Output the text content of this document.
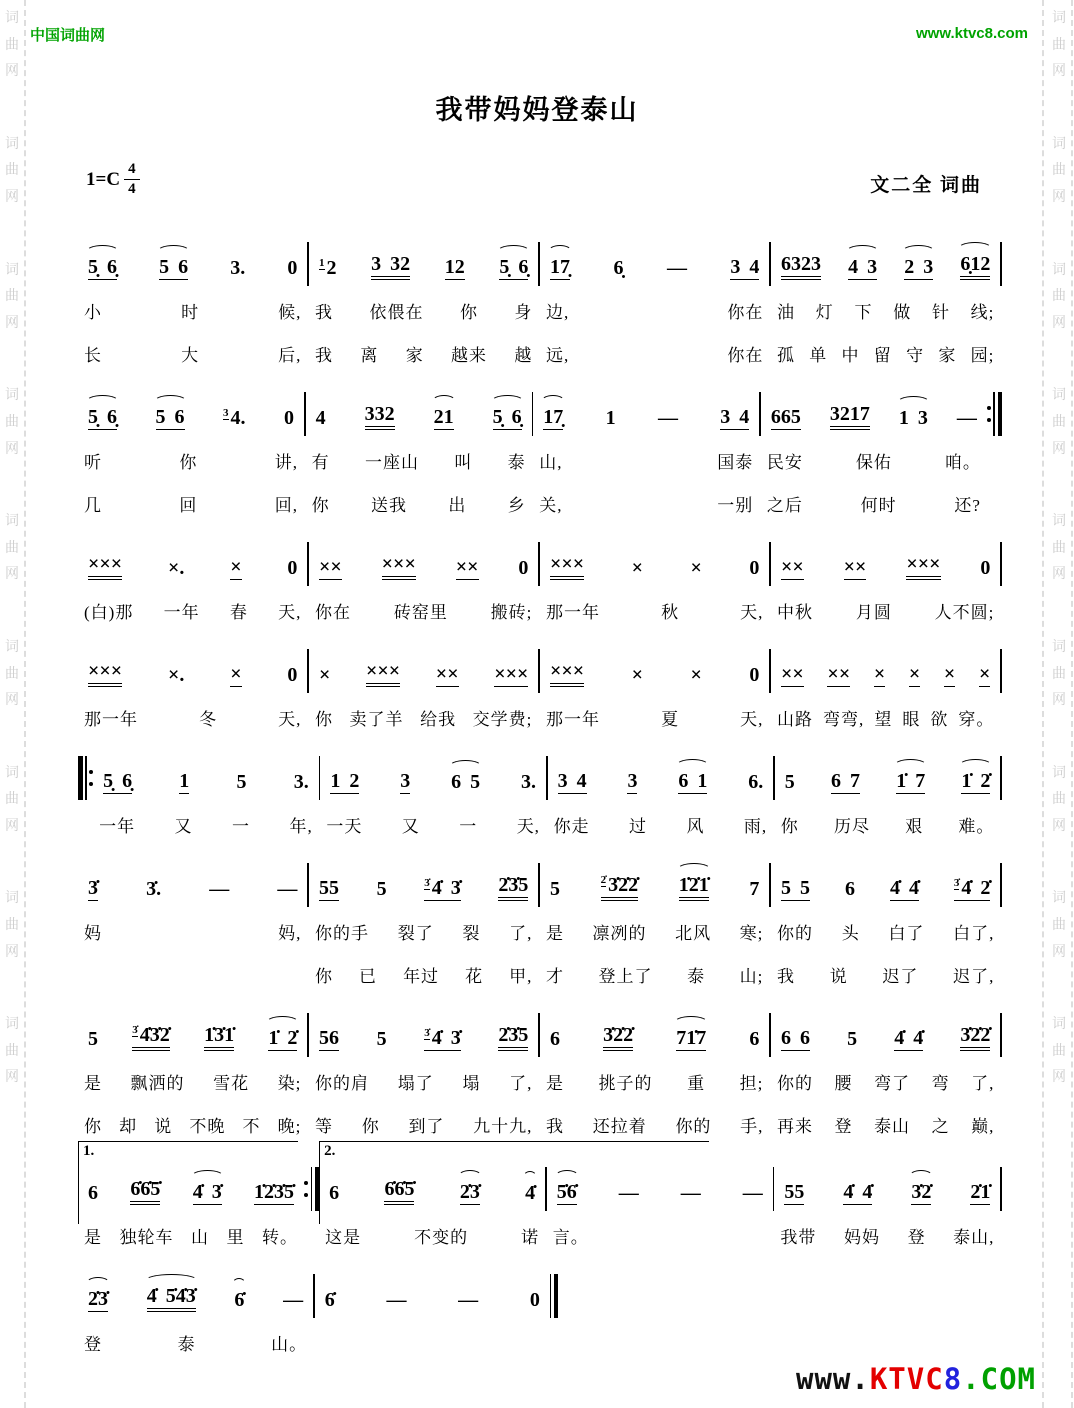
词
曲
网
词
曲
网
词
曲
网
词
曲
网
词
曲
网
词
曲
网
词
曲
网
词
曲
网
词
曲
网
词
曲
网
词
曲
网
词
曲
网
词
曲
网
词
曲
网
词
曲
网
词
曲
网
词
曲
网
词
曲
网
中国词曲网	www.ktvc8.com
我带妈妈登泰山
$1=C \frac{4}{4}$	文二全 词曲
5̣ 6̣ 5 6 3. 0
小	时	候,
长	大	后,
$^1$ 2 3 32 12 5̣ 6̣
我 依偎在 你 身
我 离 家 越来 越
17̣ 6̣ — 3 4
边,	你在
远,	你在
6323 4 3 2 3 6̣12
油 灯 下 做 针 线;
孤 单 中 留 守 家 园;
5̣ 6̣ 5 6	$^3$ 4. 0
听	你	讲,
几	回	回,
4 332 21 5̣ 6̣
有 一座山 叫 泰
你 送我 出 乡
17̣ 1 — 3 4
山,	国泰
关,	一别
665 3217 1 3 —
民安	保佑	咱。
之后	何时	还?
××× ×. × 0
(白)那 一年 春 天,
×× ××× ×× 0
你在	砖窑里	搬砖;
××× × × 0
那一年	秋	天,
×× ×× ××× 0
中秋	月圆	人不圆;
××× ×. × 0
那一年	冬	天,
× ××× ×× ×××
你 卖了羊 给我 交学费;
××× × × 0
那一年	夏	天,
×× ×× × × × ×
山路 弯弯, 望 眼 欲 穿。
5̣ 6̣ 1 5 3.
一年 又 一 年,
1 2 3 6 5 3.
一天 又 一 天,
3 4 3 6 1 6.
你走 过 风 雨,
5 6 7 1̇ 7 1̇ 2̇
你 历尽 艰 难。
3̇ 3̇. — —
妈	妈,
55 5	$^{3̇}$ 4̇ 3̇ 2̇3̇5
你的手 裂了 裂 了,
你 已 年过 花 甲,
5	$^{2̇}$ 3̇2̇2̇ 1̇2̇1̇ 7
是 凛冽的 北风 寒;
才 登上了 泰 山;
5 5 6 4̇ 4̇	$^{3̇}$ 4̇ 2̇
你的 头 白了 白了,
我 说 迟了 迟了,
5	$^{3̇}$ 4̇3̇2̇ 1̇3̇1̇ 1̇ 2̇
是 飘洒的 雪花 染;
你 却 说 不晚 不 晚;
56 5	$^{3̇}$ 4̇ 3̇ 2̇3̇5
你的肩 塌了 塌 了,
等 你 到了 九十九,
6 3̇2̇2̇ 71̇7 6
是 挑子的 重 担;
我 还拉着 你的 手,
6 6 5 4̇ 4̇ 3̇2̇2̇
你的 腰 弯了 弯 了,
再来 登 泰山 之 巅,
1.
6 6̇6̇5̇ 4̇ 3̇ 1̇2̇3̇5̇
是 独轮车 山 里 转。
2.
6 6̇6̇5̇ 2̇3̇ 4̇
这是	不变的	诺
5̇6̇ — — —
言。
55 4̇ 4̇ 3̇2̇ 2̇1̇
我带 妈妈 登 泰山,
2̇3̇ 4̇ 5̇4̇3̇ 6̇ —
登	泰	山。
6̇	—	—	0
www.KTVC8.COM
